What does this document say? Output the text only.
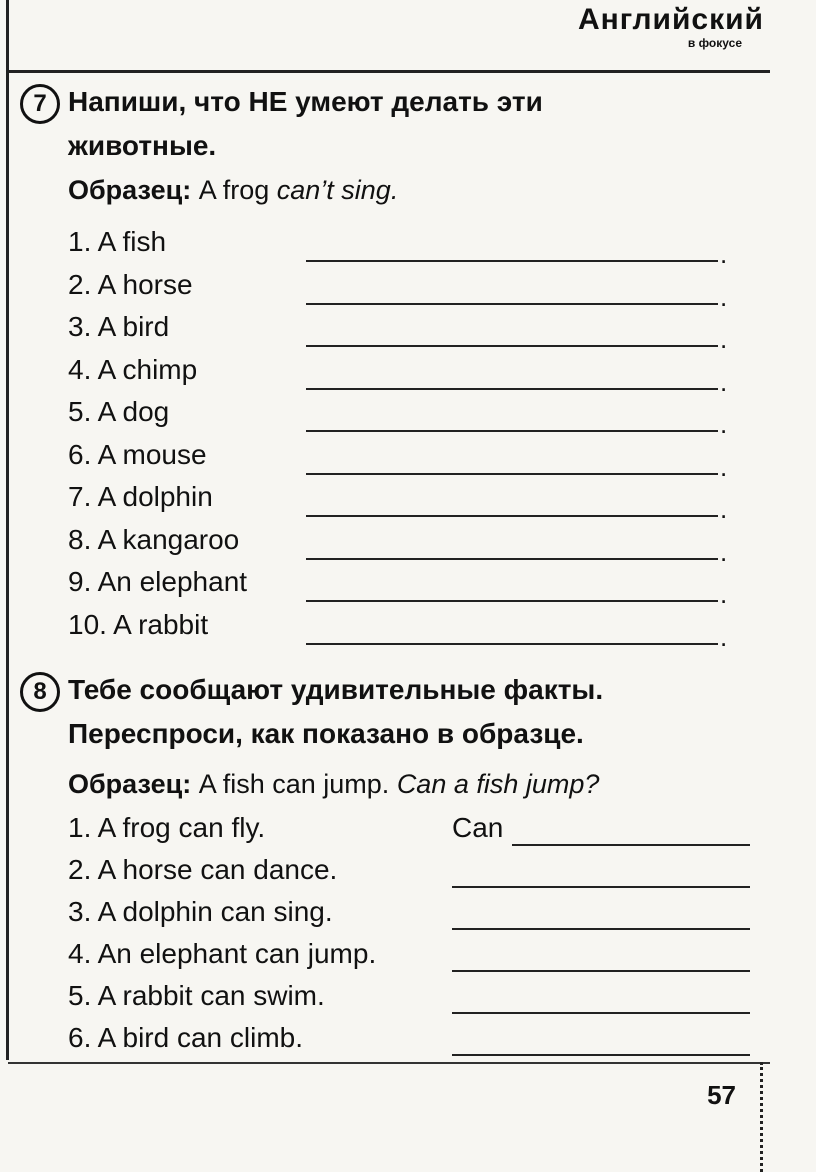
Английский
в фокусе
7 Напиши, что НЕ умеют делать эти
животные.
Образец: A frog can’t sing.
1. A fish	.
2. A horse	.
3. A bird	.
4. A chimp	.
5. A dog	.
6. A mouse	.
7. A dolphin	.
8. A kangaroo	.
9. An elephant	.
10. A rabbit	.
8 Тебе сообщают удивительные факты.
Переспроси, как показано в образце.
Образец: A fish can jump. Can a fish jump?
1. A frog can fly.	Can
2. A horse can dance.
3. A dolphin can sing.
4. An elephant can jump.
5. A rabbit can swim.
6. A bird can climb.
57
